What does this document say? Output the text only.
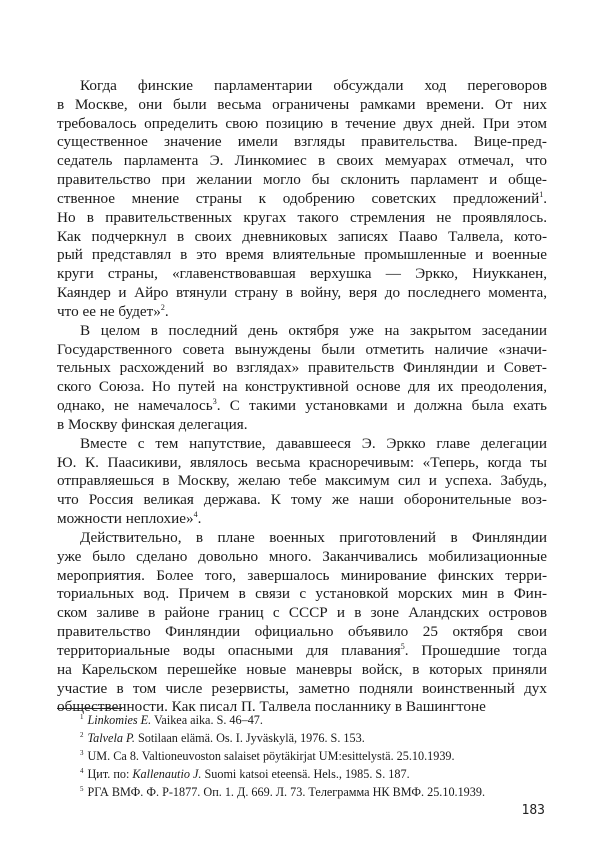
Когда финские парламентарии обсуждали ход переговоров
в Москве, они были весьма ограничены рамками времени. От них
требовалось определить свою позицию в течение двух дней. При этом
существенное значение имели взгляды правительства. Вице-пред-
седатель парламента Э. Линкомиес в своих мемуарах отмечал, что
правительство при желании могло бы склонить парламент и обще-
ственное мнение страны к одобрению советских предложений$^1$.
Но в правительственных кругах такого стремления не проявлялось.
Как подчеркнул в своих дневниковых записях Пааво Талвела, кото-
рый представлял в это время влиятельные промышленные и военные
круги страны, «главенствовавшая верхушка — Эркко, Ниукканен,
Каяндер и Айро втянули страну в войну, веря до последнего момента,
что ее не будет»$^2$.
В целом в последний день октября уже на закрытом заседании
Государственного совета вынуждены были отметить наличие «значи-
тельных расхождений во взглядах» правительств Финляндии и Совет-
ского Союза. Но путей на конструктивной основе для их преодоления,
однако, не намечалось$^3$. С такими установками и должна была ехать
в Москву финская делегация.
Вместе с тем напутствие, дававшееся Э. Эркко главе делегации
Ю. К. Паасикиви, являлось весьма красноречивым: «Теперь, когда ты
отправляешься в Москву, желаю тебе максимум сил и успеха. Забудь,
что Россия великая держава. К тому же наши оборонительные воз-
можности неплохие»$^4$.
Действительно, в плане военных приготовлений в Финляндии
уже было сделано довольно много. Заканчивались мобилизационные
мероприятия. Более того, завершалось минирование финских терри-
ториальных вод. Причем в связи с установкой морских мин в Фин-
ском заливе в районе границ с СССР и в зоне Аландских островов
правительство Финляндии официально объявило 25 октября свои
территориальные воды опасными для плавания$^5$. Прошедшие тогда
на Карельском перешейке новые маневры войск, в которых приняли
участие в том числе резервисты, заметно подняли воинственный дух
общественности. Как писал П. Талвела посланнику в Вашингтоне
$^1$ Linkomies E. Vaikea aika. S. 46–47.
$^2$ Talvela P. Sotilaan elämä. Os. I. Jyväskylä, 1976. S. 153.
$^3$ UM. Ca 8. Valtioneuvoston salaiset pöytäkirjat UM:esittelystä. 25.10.1939.
$^4$ Цит. по: Kallenautio J. Suomi katsoi eteensä. Hels., 1985. S. 187.
$^5$ РГА ВМФ. Ф. Р-1877. Оп. 1. Д. 669. Л. 73. Телеграмма НК ВМФ. 25.10.1939.
183
